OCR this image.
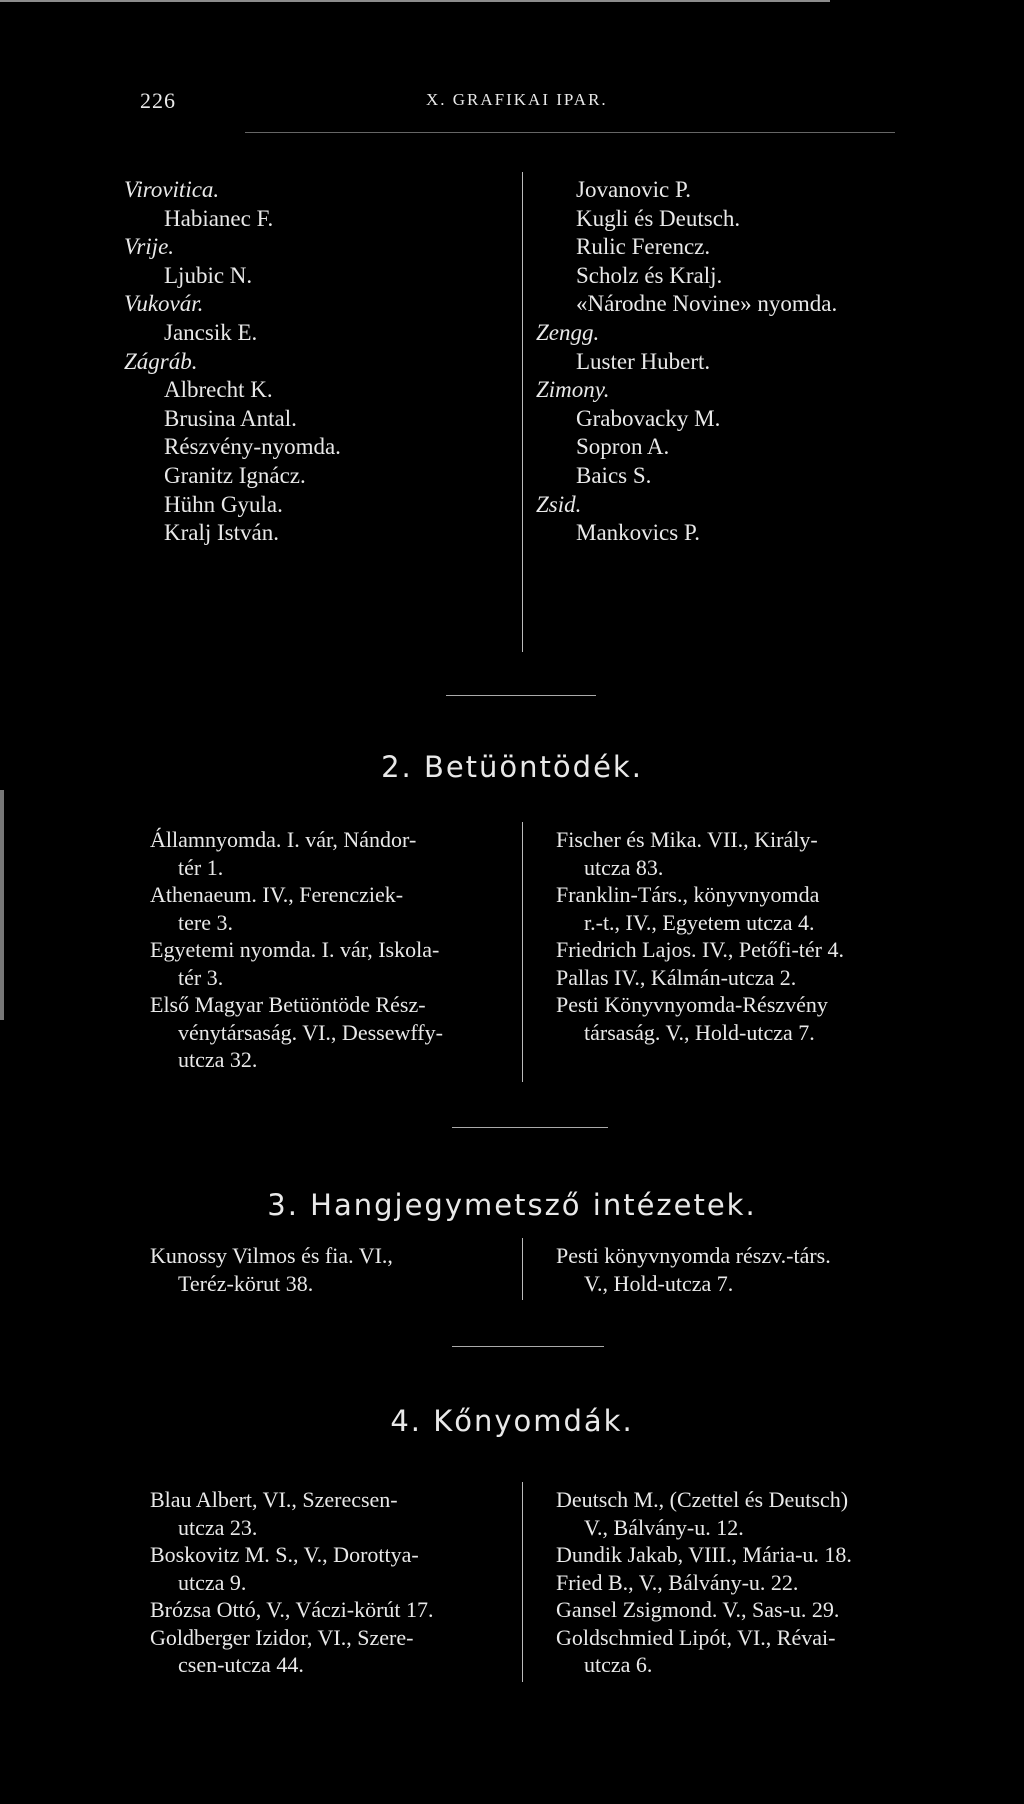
226	X. GRAFIKAI IPAR.
Virovitica.
Habianec F.
Vrije.
Ljubic N.
Vukovár.
Jancsik E.
Zágráb.
Albrecht K.
Brusina Antal.
Részvény-nyomda.
Granitz Ignácz.
Hühn Gyula.
Kralj István.
Jovanovic P.
Kugli és Deutsch.
Rulic Ferencz.
Scholz és Kralj.
«Národne Novine» nyomda.
Zengg.
Luster Hubert.
Zimony.
Grabovacky M.
Sopron A.
Baics S.
Zsid.
Mankovics P.
2. Betüöntödék.
Államnyomda. I. vár, Nándor-
tér 1.
Athenaeum. IV., Ferencziek-
tere 3.
Egyetemi nyomda. I. vár, Iskola-
tér 3.
Első Magyar Betüöntöde Rész-
vénytársaság. VI., Dessewffy-
utcza 32.
Fischer és Mika. VII., Király-
utcza 83.
Franklin-Társ., könyvnyomda
r.-t., IV., Egyetem utcza 4.
Friedrich Lajos. IV., Petőfi-tér 4.
Pallas IV., Kálmán-utcza 2.
Pesti Könyvnyomda-Részvény
társaság. V., Hold-utcza 7.
3. Hangjegymetsző intézetek.
Kunossy Vilmos és fia. VI.,
Teréz-körut 38.
Pesti könyvnyomda részv.-társ.
V., Hold-utcza 7.
4. Kőnyomdák.
Blau Albert, VI., Szerecsen-
utcza 23.
Boskovitz M. S., V., Dorottya-
utcza 9.
Brózsa Ottó, V., Váczi-körút 17.
Goldberger Izidor, VI., Szere-
csen-utcza 44.
Deutsch M., (Czettel és Deutsch)
V., Bálvány-u. 12.
Dundik Jakab, VIII., Mária-u. 18.
Fried B., V., Bálvány-u. 22.
Gansel Zsigmond. V., Sas-u. 29.
Goldschmied Lipót, VI., Révai-
utcza 6.
